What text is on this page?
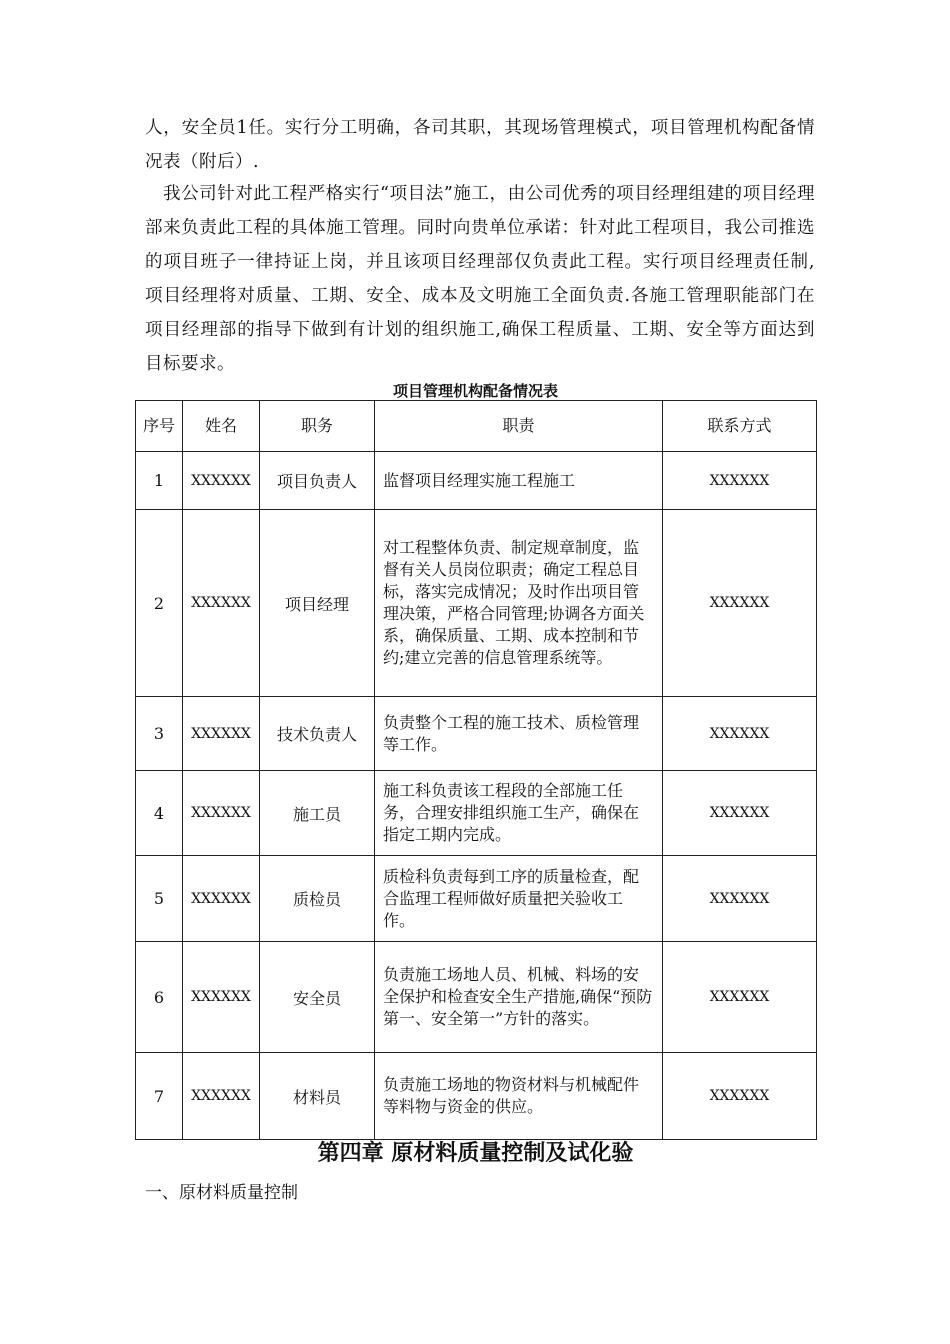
人，安全员1任。实行分工明确，各司其职，其现场管理模式，项目管理机构配备情况表（附后）.

我公司针对此工程严格实行“项目法”施工，由公司优秀的项目经理组建的项目经理部来负责此工程的具体施工管理。同时向贵单位承诺：针对此工程项目，我公司推选的项目班子一律持证上岗，并且该项目经理部仅负责此工程。实行项目经理责任制,项目经理将对质量、工期、安全、成本及文明施工全面负责.各施工管理职能部门在项目经理部的指导下做到有计划的组织施工,确保工程质量、工期、安全等方面达到目标要求。

项目管理机构配备情况表
序号	姓名	职务	职责	联系方式
1	XXXXXX	项目负责人	监督项目经理实施工程施工	XXXXXX
2	XXXXXX	项目经理	对工程整体负责、制定规章制度，监督有关人员岗位职责；确定工程总目标，落实完成情况；及时作出项目管理决策，严格合同管理;协调各方面关系，确保质量、工期、成本控制和节约;建立完善的信息管理系统等。	XXXXXX
3	XXXXXX	技术负责人	负责整个工程的施工技术、质检管理等工作。	XXXXXX
4	XXXXXX	施工员	施工科负责该工程段的全部施工任务，合理安排组织施工生产，确保在指定工期内完成。	XXXXXX
5	XXXXXX	质检员	质检科负责每到工序的质量检查，配合监理工程师做好质量把关验收工作。	XXXXXX
6	XXXXXX	安全员	负责施工场地人员、机械、料场的安全保护和检查安全生产措施,确保“预防第一、安全第一”方针的落实。	XXXXXX
7	XXXXXX	材料员	负责施工场地的物资材料与机械配件等料物与资金的供应。	XXXXXX
第四章 原材料质量控制及试化验
一、原材料质量控制
